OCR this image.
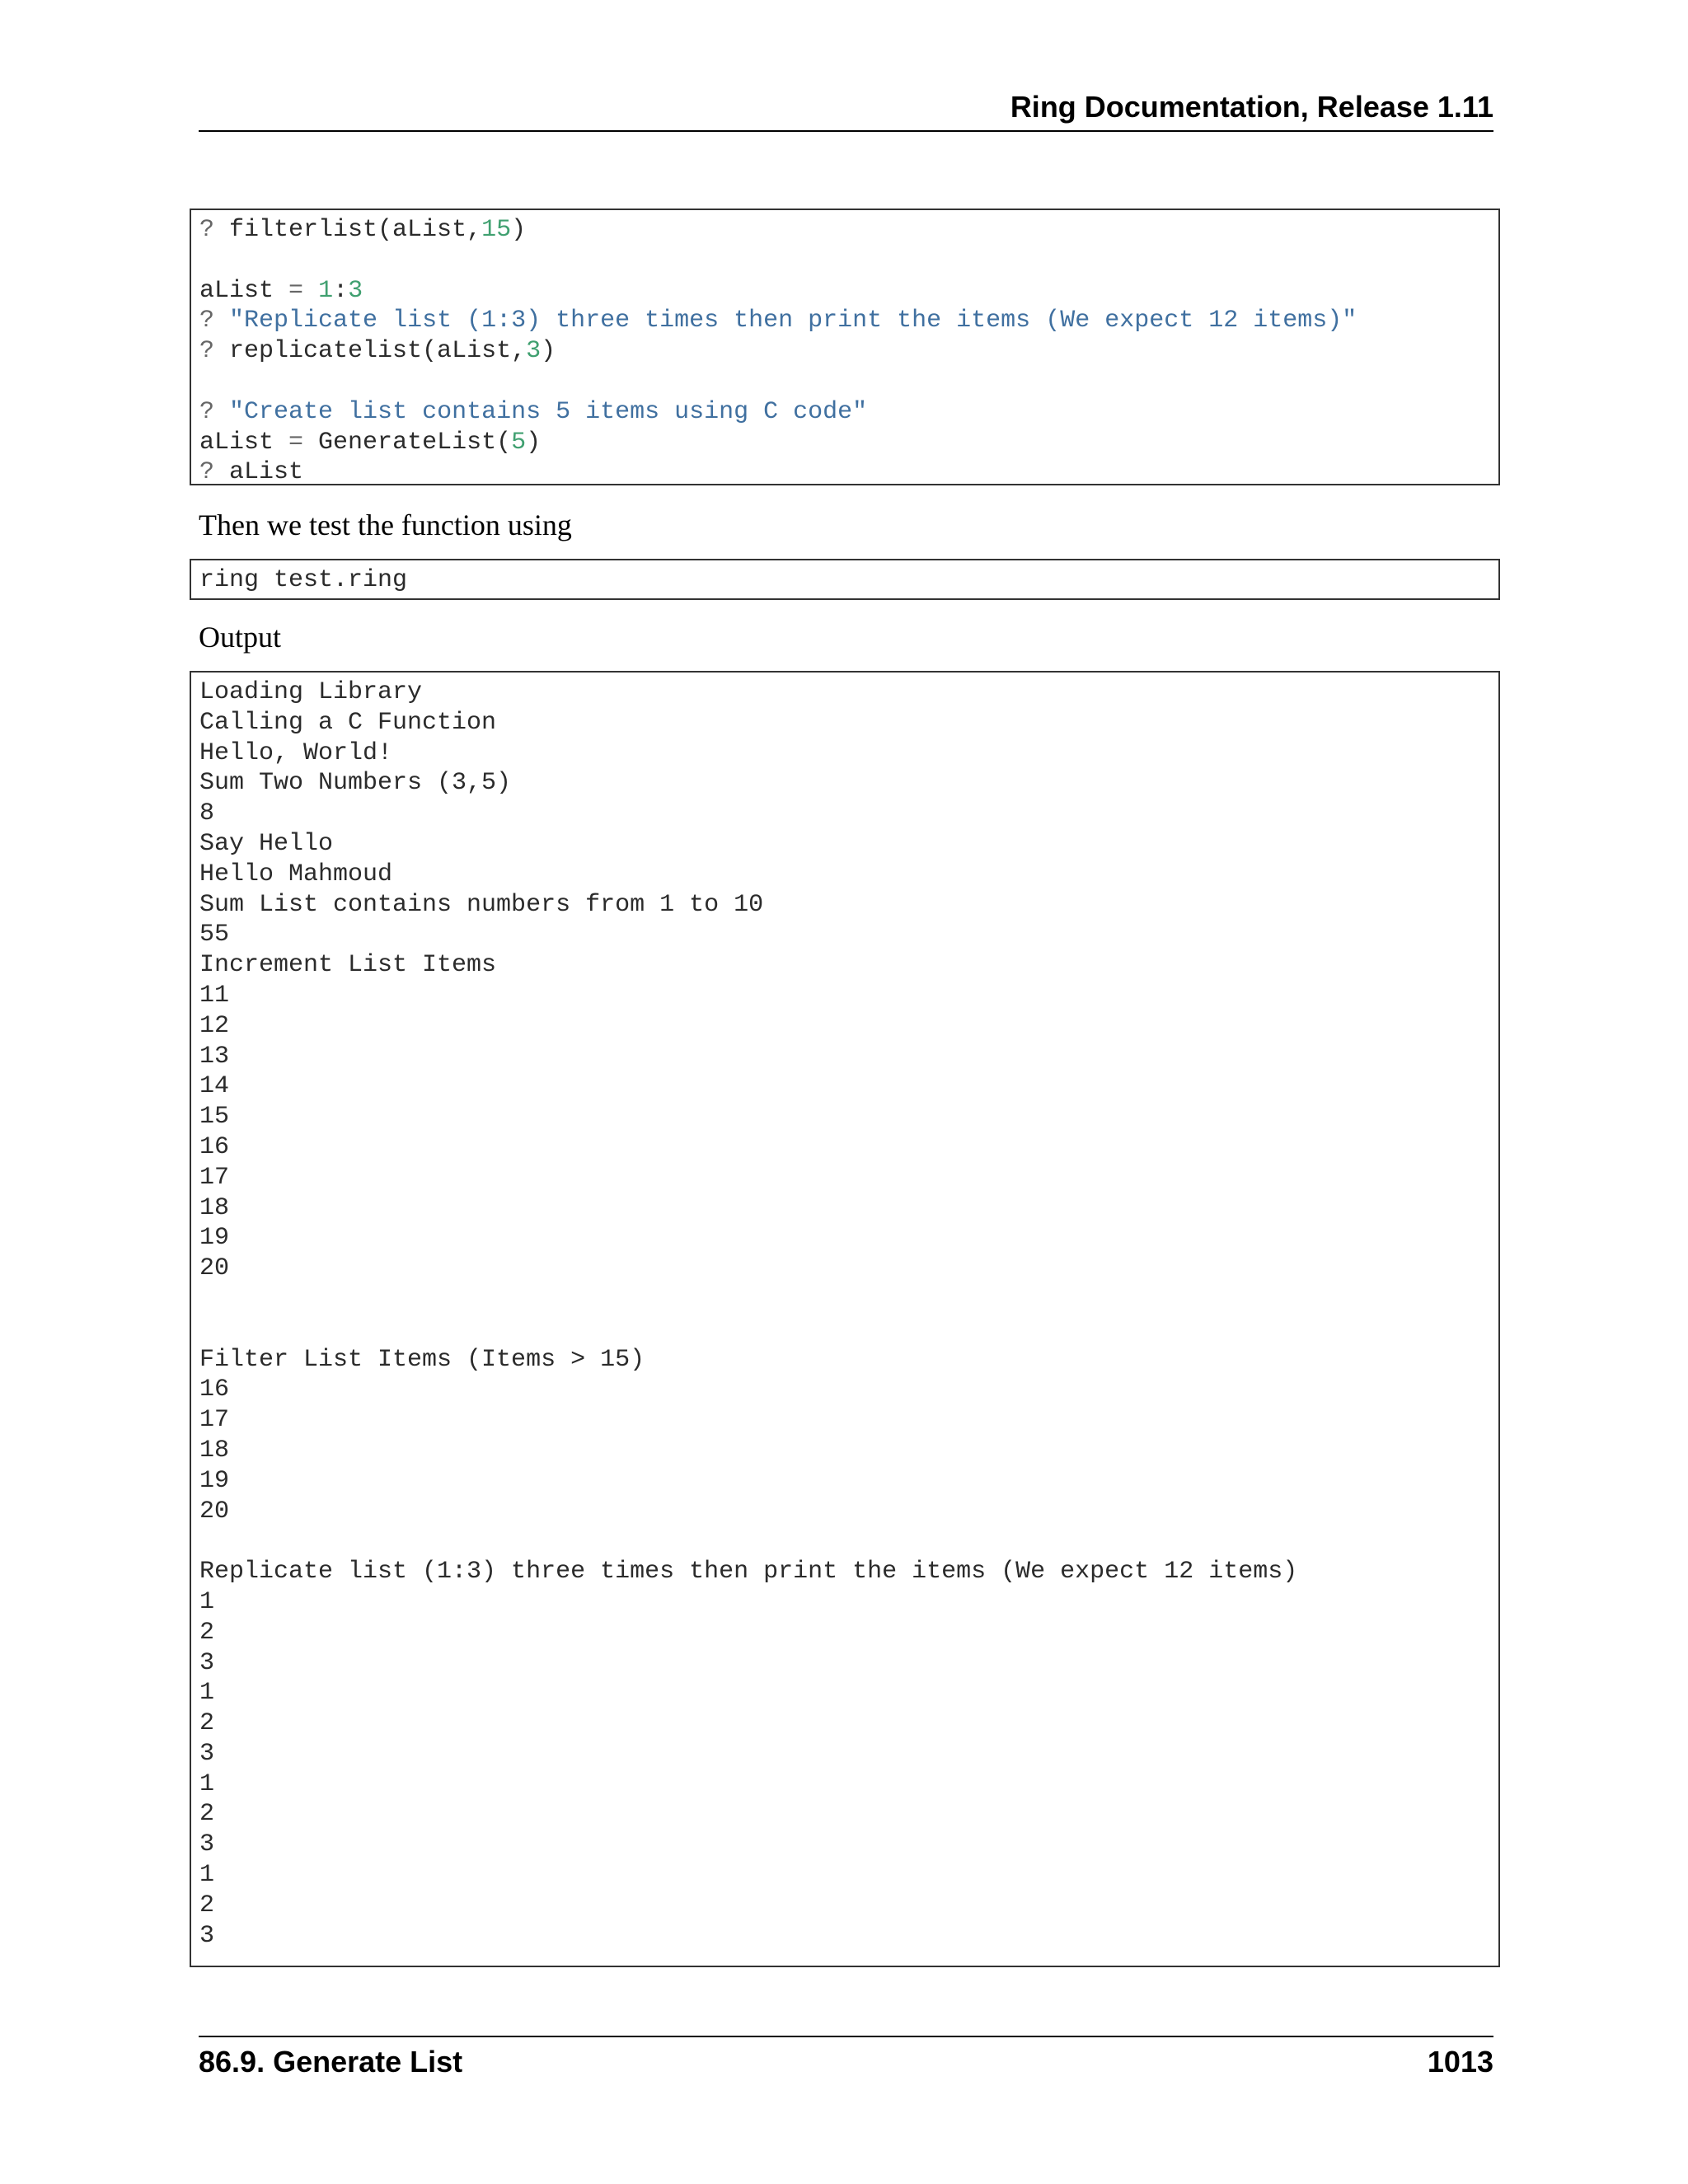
Ring Documentation, Release 1.11
? filterlist(aList,15)

aList = 1:3
? "Replicate list (1:3) three times then print the items (We expect 12 items)"
? replicatelist(aList,3)

? "Create list contains 5 items using C code"
aList = GenerateList(5)
? aList
Then we test the function using
ring test.ring
Output
Loading Library
Calling a C Function
Hello, World!
Sum Two Numbers (3,5)
8
Say Hello
Hello Mahmoud
Sum List contains numbers from 1 to 10
55
Increment List Items
11
12
13
14
15
16
17
18
19
20

Filter List Items (Items > 15)
16
17
18
19
20

Replicate list (1:3) three times then print the items (We expect 12 items)
1
2
3
1
2
3
1
2
3
1
2
3

86.9. Generate List	1013
